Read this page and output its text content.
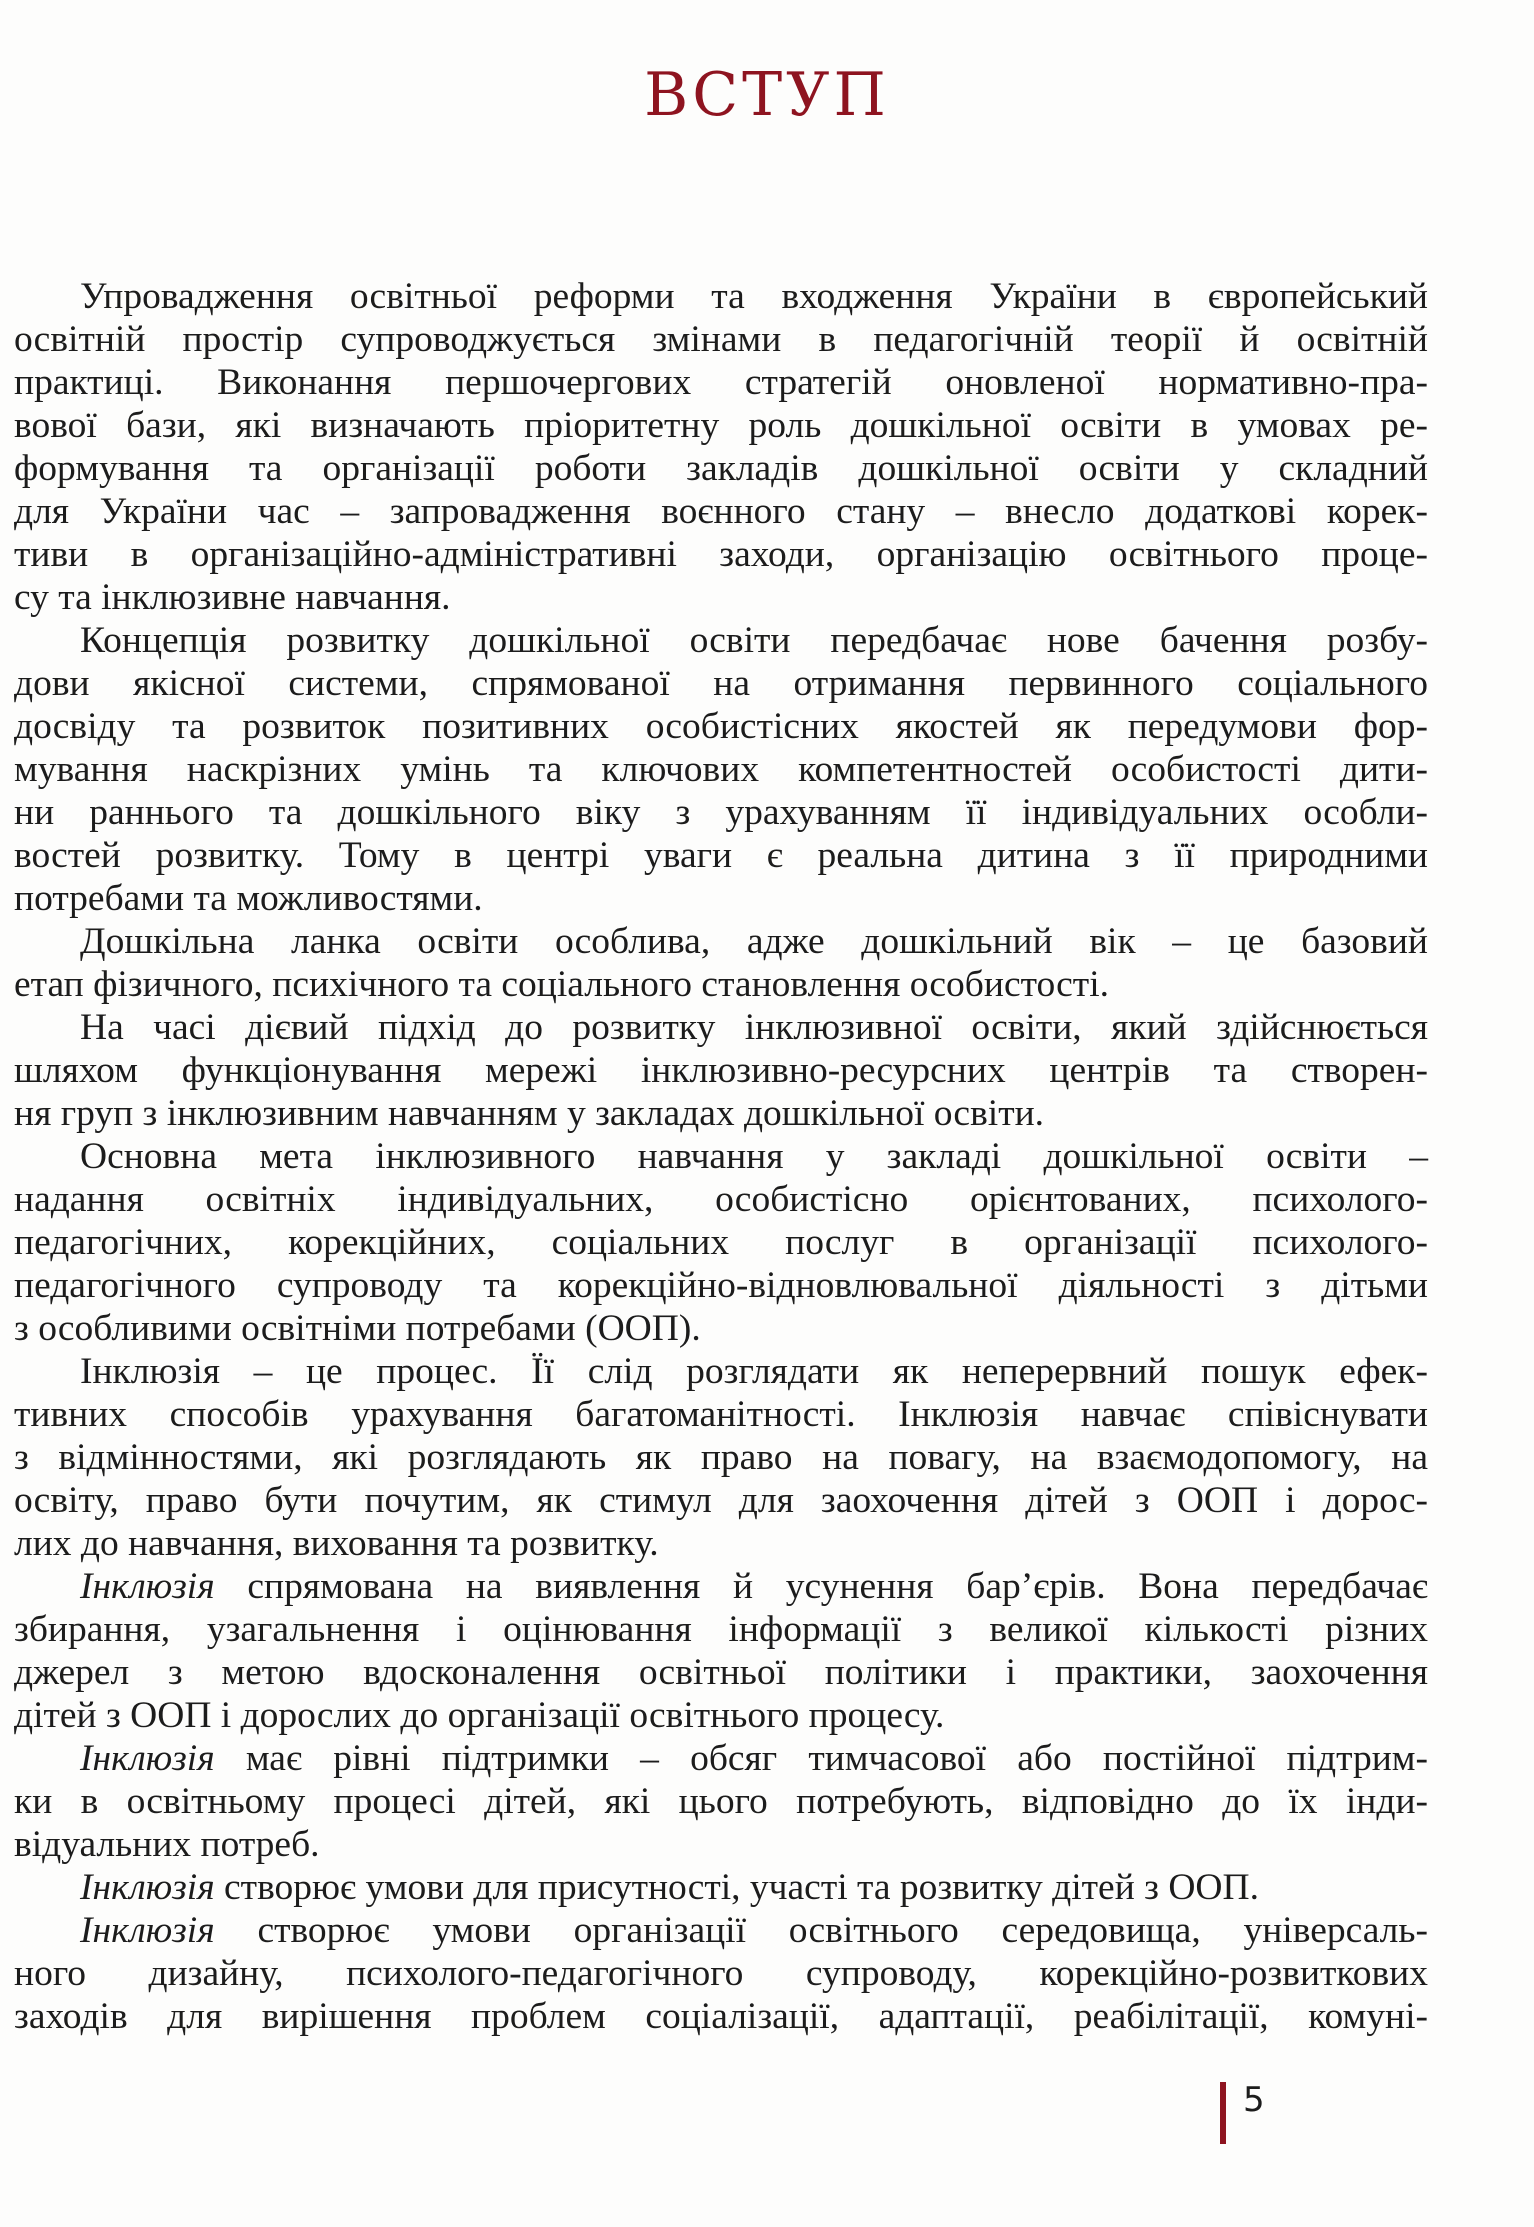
ВСТУП
Упровадження освітньої реформи та входження України в європейський
освітній простір супроводжується змінами в педагогічній теорії й освітній
практиці. Виконання першочергових стратегій оновленої нормативно-пра-
вової бази, які визначають пріоритетну роль дошкільної освіти в умовах ре-
формування та організації роботи закладів дошкільної освіти у складний
для України час – запровадження воєнного стану – внесло додаткові корек-
тиви в організаційно-адміністративні заходи, організацію освітнього проце-
су та інклюзивне навчання.
Концепція розвитку дошкільної освіти передбачає нове бачення розбу-
дови якісної системи, спрямованої на отримання первинного соціального
досвіду та розвиток позитивних особистісних якостей як передумови фор-
мування наскрізних умінь та ключових компетентностей особистості дити-
ни раннього та дошкільного віку з урахуванням її індивідуальних особли-
востей розвитку. Тому в центрі уваги є реальна дитина з її природними
потребами та можливостями.
Дошкільна ланка освіти особлива, адже дошкільний вік – це базовий
етап фізичного, психічного та соціального становлення особистості.
На часі дієвий підхід до розвитку інклюзивної освіти, який здійснюється
шляхом функціонування мережі інклюзивно-ресурсних центрів та створен-
ня груп з інклюзивним навчанням у закладах дошкільної освіти.
Основна мета інклюзивного навчання у закладі дошкільної освіти –
надання освітніх індивідуальних, особистісно орієнтованих, психолого-
педагогічних, корекційних, соціальних послуг в організації психолого-
педагогічного супроводу та корекційно-відновлювальної діяльності з дітьми
з особливими освітніми потребами (ООП).
Інклюзія – це процес. Її слід розглядати як неперервний пошук ефек-
тивних способів урахування багатоманітності. Інклюзія навчає співіснувати
з відмінностями, які розглядають як право на повагу, на взаємодопомогу, на
освіту, право бути почутим, як стимул для заохочення дітей з ООП і дорос-
лих до навчання, виховання та розвитку.
Інклюзія спрямована на виявлення й усунення бар’єрів. Вона передбачає
збирання, узагальнення і оцінювання інформації з великої кількості різних
джерел з метою вдосконалення освітньої політики і практики, заохочення
дітей з ООП і дорослих до організації освітнього процесу.
Інклюзія має рівні підтримки – обсяг тимчасової або постійної підтрим-
ки в освітньому процесі дітей, які цього потребують, відповідно до їх інди-
відуальних потреб.
Інклюзія створює умови для присутності, участі та розвитку дітей з ООП.
Інклюзія створює умови організації освітнього середовища, універсаль-
ного дизайну, психолого-педагогічного супроводу, корекційно-розвиткових
заходів для вирішення проблем соціалізації, адаптації, реабілітації, комуні-
5
